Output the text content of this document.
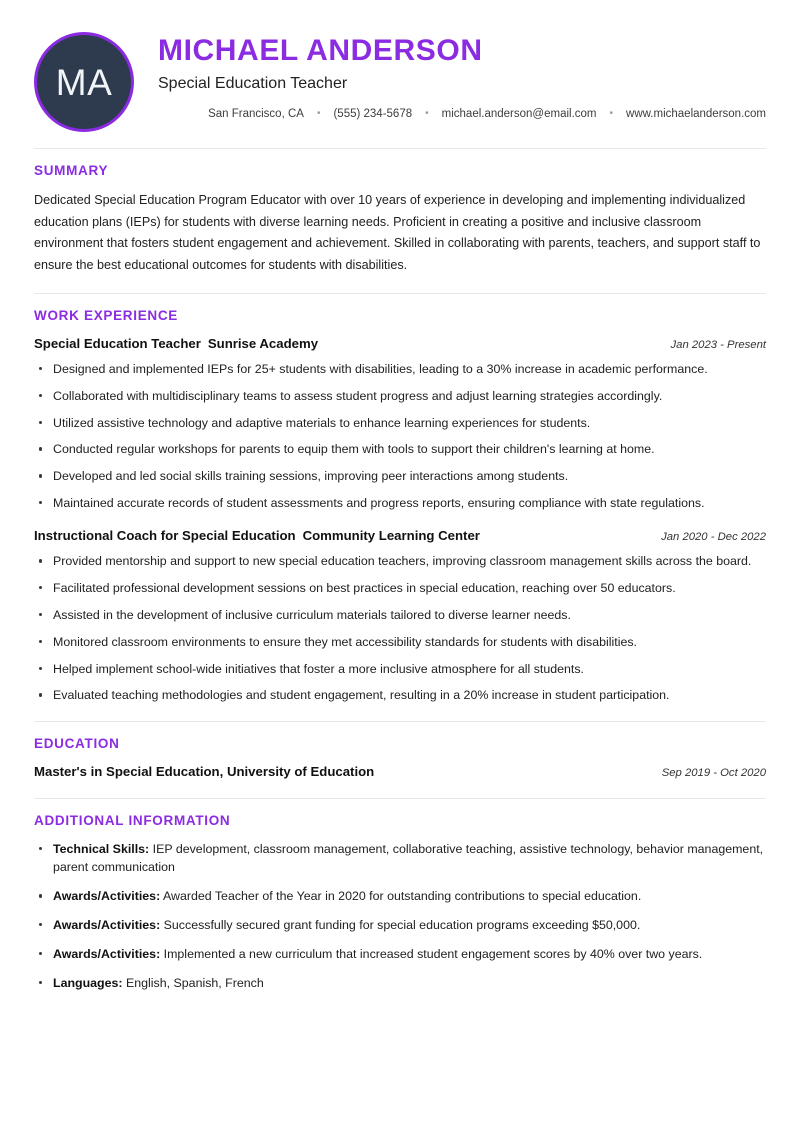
MA
MICHAEL ANDERSON
Special Education Teacher
San Francisco, CA • (555) 234-5678 • michael.anderson@email.com • www.michaelanderson.com
SUMMARY

Dedicated Special Education Program Educator with over 10 years of experience in developing and implementing individualized education plans (IEPs) for students with diverse learning needs. Proficient in creating a positive and inclusive classroom environment that fosters student engagement and achievement. Skilled in collaborating with parents, teachers, and support staff to ensure the best educational outcomes for students with disabilities.

WORK EXPERIENCE
Special Education Teacher Sunrise Academy	Jan 2023 - Present
Designed and implemented IEPs for 25+ students with disabilities, leading to a 30% increase in academic performance.
Collaborated with multidisciplinary teams to assess student progress and adjust learning strategies accordingly.
Utilized assistive technology and adaptive materials to enhance learning experiences for students.
Conducted regular workshops for parents to equip them with tools to support their children's learning at home.
Developed and led social skills training sessions, improving peer interactions among students.
Maintained accurate records of student assessments and progress reports, ensuring compliance with state regulations.
Instructional Coach for Special Education Community Learning Center	Jan 2020 - Dec 2022
Provided mentorship and support to new special education teachers, improving classroom management skills across the board.
Facilitated professional development sessions on best practices in special education, reaching over 50 educators.
Assisted in the development of inclusive curriculum materials tailored to diverse learner needs.
Monitored classroom environments to ensure they met accessibility standards for students with disabilities.
Helped implement school-wide initiatives that foster a more inclusive atmosphere for all students.
Evaluated teaching methodologies and student engagement, resulting in a 20% increase in student participation.
EDUCATION
Master's in Special Education, University of Education	Sep 2019 - Oct 2020
ADDITIONAL INFORMATION
Technical Skills: IEP development, classroom management, collaborative teaching, assistive technology, behavior management, parent communication
Awards/Activities: Awarded Teacher of the Year in 2020 for outstanding contributions to special education.
Awards/Activities: Successfully secured grant funding for special education programs exceeding $50,000.
Awards/Activities: Implemented a new curriculum that increased student engagement scores by 40% over two years.
Languages: English, Spanish, French
